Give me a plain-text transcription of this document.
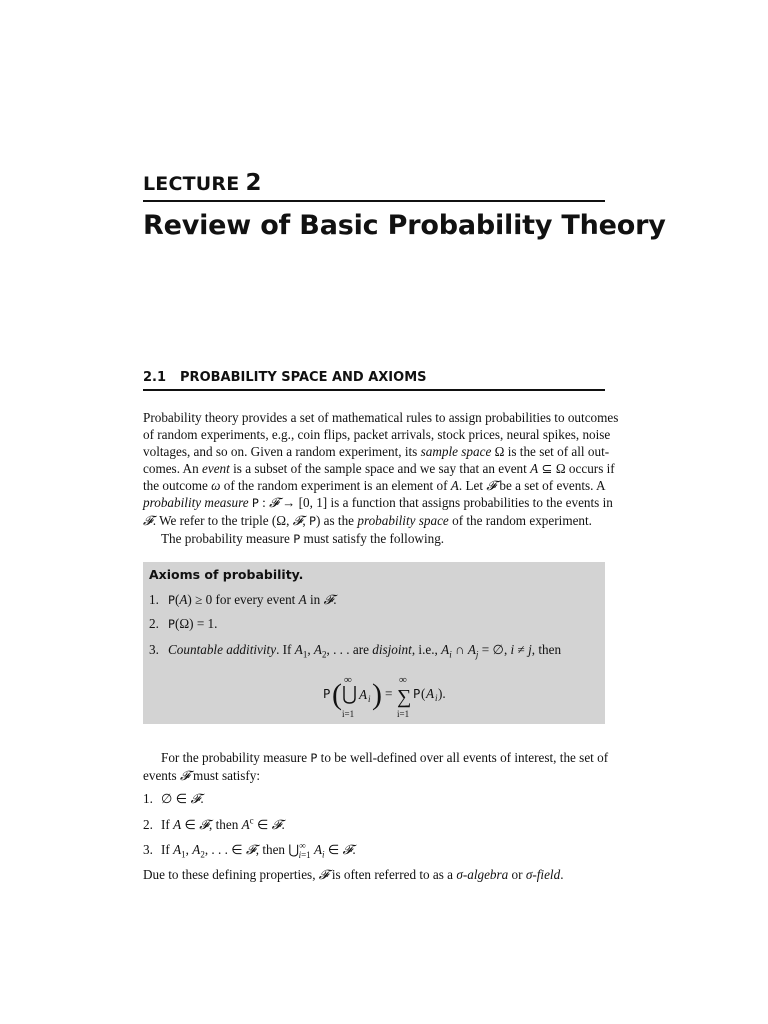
LECTURE 2
Review of Basic Probability Theory
2.1 PROBABILITY SPACE AND AXIOMS
Probability theory provides a set of mathematical rules to assign probabilities to outcomes
of random experiments, e.g., coin flips, packet arrivals, stock prices, neural spikes, noise
voltages, and so on. Given a random experiment, its sample space Ω is the set of all out-
comes. An event is a subset of the sample space and we say that an event A ⊆ Ω occurs if
the outcome ω of the random experiment is an element of A. Let 𝓕 be a set of events. A
probability measure P : 𝓕 → [0, 1] is a function that assigns probabilities to the events in
𝓕. We refer to the triple (Ω, 𝓕, P) as the probability space of the random experiment.
The probability measure P must satisfy the following.
Axioms of probability.
1. P(A) ≥ 0 for every event A in 𝓕.
2. P(Ω) = 1.
3. Countable additivity. If $A_1$, $A_2$, . . . are disjoint, i.e., $A_i$ ∩ $A_j$ = ∅, i ≠ j, then
P ( ∞
i=1
A i ) =
∞
∑
i=1
P ( A i ).
For the probability measure P to be well-defined over all events of interest, the set of
events 𝓕 must satisfy:
1. ∅ ∈ 𝓕.
2. If A ∈ 𝓕, then $A^c$ ∈ 𝓕.
3. If $A_1$, $A_2$, . . . ∈ 𝓕, then $⋃^\infty_{i=1}$ $A_i$ ∈ 𝓕.
Due to these defining properties, 𝓕 is often referred to as a σ-algebra or σ-field.
